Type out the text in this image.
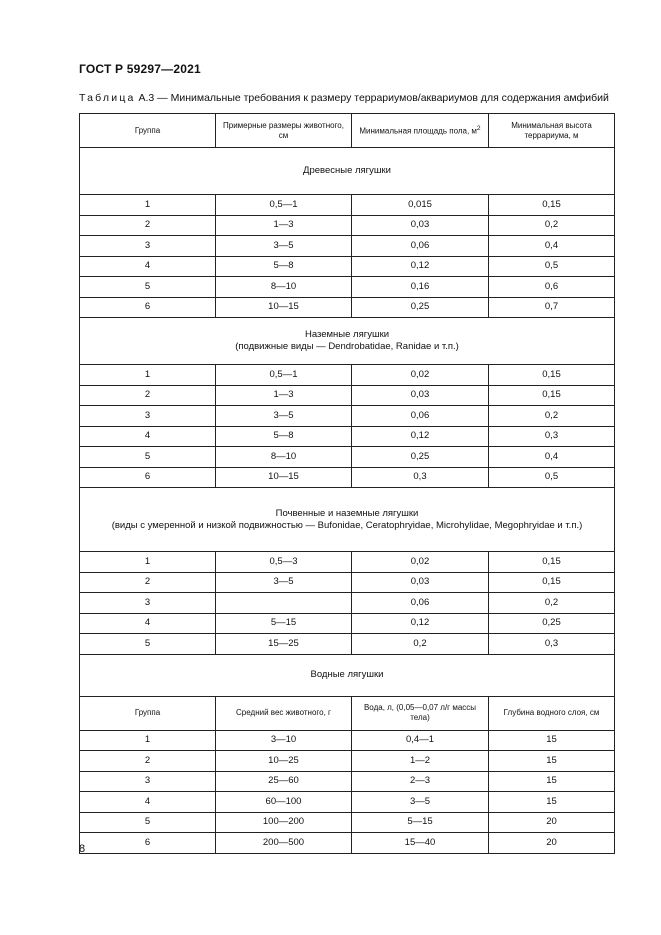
ГОСТ Р 59297—2021
Таблица А.3 — Минимальные требования к размеру террариумов/аквариумов для содержания амфибий
Группа	Примерные размеры животного, см	Минимальная площадь пола, $м^2$	Минимальная высота террариума, м
Древесные лягушки			
1	0,5—1	0,015	0,15
2	1—3	0,03	0,2
3	3—5	0,06	0,4
4	5—8	0,12	0,5
5	8—10	0,16	0,6
6	10—15	0,25	0,7
Наземные лягушки
(подвижные виды — Dendrobatidae, Ranidae и т.п.)			
1	0,5—1	0,02	0,15
2	1—3	0,03	0,15
3	3—5	0,06	0,2
4	5—8	0,12	0,3
5	8—10	0,25	0,4
6	10—15	0,3	0,5
Почвенные и наземные лягушки
(виды с умеренной и низкой подвижностью — Bufonidae, Ceratophryidae, Microhylidae, Megophryidae и т.п.)			
1	0,5—3	0,02	0,15
2	3—5	0,03	0,15
3		0,06	0,2
4	5—15	0,12	0,25
5	15—25	0,2	0,3
Водные лягушки			
Группа	Средний вес животного, г	Вода, л, (0,05—0,07 л/г массы тела)	Глубина водного слоя, см
1	3—10	0,4—1	15
2	10—25	1—2	15
3	25—60	2—3	15
4	60—100	3—5	15
5	100—200	5—15	20
6	200—500	15—40	20
8
